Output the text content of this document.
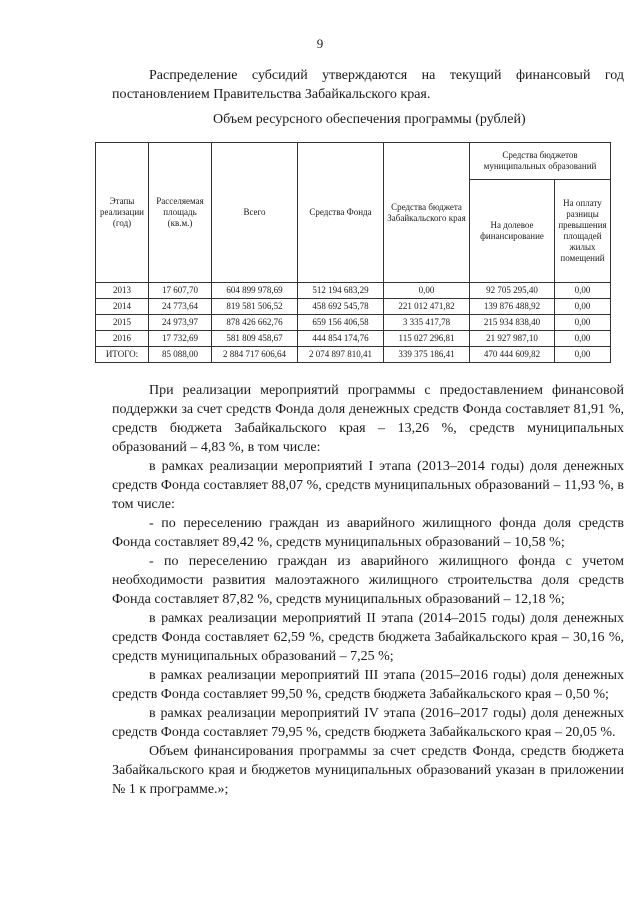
9

Распределение субсидий утверждаются на текущий финансовый год постановлением Правительства Забайкальского края.

Объем ресурсного обеспечения программы (рублей)
Этапы реализации (год)	Расселяемая площадь (кв.м.)	Всего	Средства Фонда	Средства бюджета Забайкальского края	Средства бюджетов муниципальных образований	
					На долевое финансирование	На оплату разницы превышения площадей жилых помещений
2013	17 607,70	604 899 978,69	512 194 683,29	0,00	92 705 295,40	0,00
2014	24 773,64	819 581 506,52	458 692 545,78	221 012 471,82	139 876 488,92	0,00
2015	24 973,97	878 426 662,76	659 156 406,58	3 335 417,78	215 934 838,40	0,00
2016	17 732,69	581 809 458,67	444 854 174,76	115 027 296,81	21 927 987,10	0,00
ИТОГО:	85 088,00	2 884 717 606,64	2 074 897 810,41	339 375 186,41	470 444 609,82	0,00

При реализации мероприятий программы с предоставлением финансовой поддержки за счет средств Фонда доля денежных средств Фонда составляет 81,91 %, средств бюджета Забайкальского края – 13,26 %, средств муниципальных образований – 4,83 %, в том числе:

в рамках реализации мероприятий I этапа (2013–2014 годы) доля денежных средств Фонда составляет 88,07 %, средств муниципальных образований – 11,93 %, в том числе:

- по переселению граждан из аварийного жилищного фонда доля средств Фонда составляет 89,42 %, средств муниципальных образований – 10,58 %;

- по переселению граждан из аварийного жилищного фонда с учетом необходимости развития малоэтажного жилищного строительства доля средств Фонда составляет 87,82 %, средств муниципальных образований – 12,18 %;

в рамках реализации мероприятий II этапа (2014–2015 годы) доля денежных средств Фонда составляет 62,59 %, средств бюджета Забайкальского края – 30,16 %, средств муниципальных образований – 7,25 %;

в рамках реализации мероприятий III этапа (2015–2016 годы) доля денежных средств Фонда составляет 99,50 %, средств бюджета Забайкальского края – 0,50 %;

в рамках реализации мероприятий IV этапа (2016–2017 годы) доля денежных средств Фонда составляет 79,95 %, средств бюджета Забайкальского края – 20,05 %.

Объем финансирования программы за счет средств Фонда, средств бюджета Забайкальского края и бюджетов муниципальных образований указан в приложении № 1 к программе.»;
